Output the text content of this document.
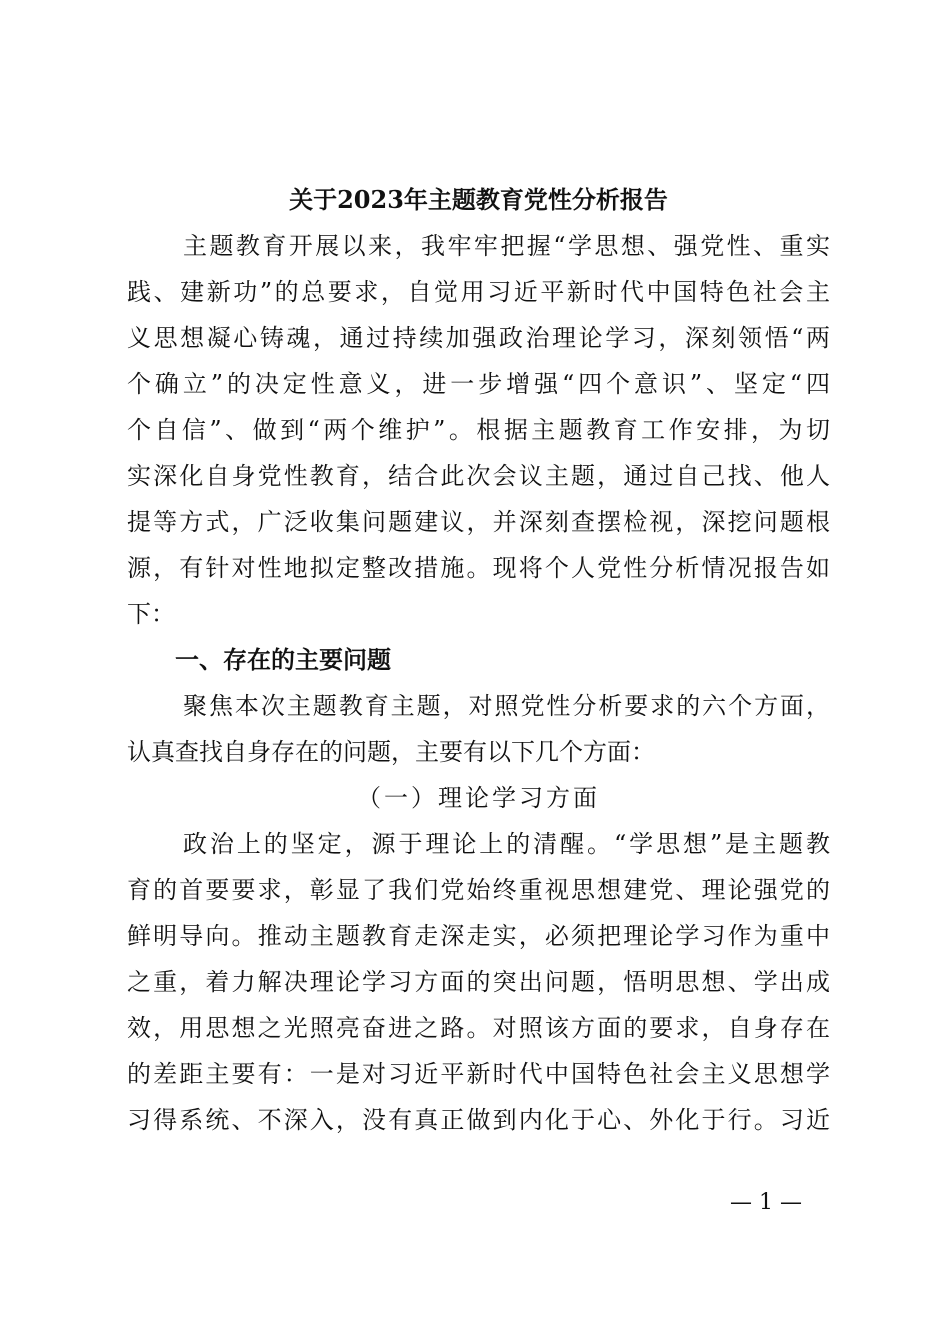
关于2023年主题教育党性分析报告
主题教育开展以来，我牢牢把握“学思想、强党性、重实
践、建新功”的总要求，自觉用习近平新时代中国特色社会主
义思想凝心铸魂，通过持续加强政治理论学习，深刻领悟“两
个确立”的决定性意义，进一步增强“四个意识”、坚定“四
个自信”、做到“两个维护”。根据主题教育工作安排，为切
实深化自身党性教育，结合此次会议主题，通过自己找、他人
提等方式，广泛收集问题建议，并深刻查摆检视，深挖问题根
源，有针对性地拟定整改措施。现将个人党性分析情况报告如
下：
一、存在的主要问题
聚焦本次主题教育主题，对照党性分析要求的六个方面，
认真查找自身存在的问题，主要有以下几个方面：
（一）理论学习方面
政治上的坚定，源于理论上的清醒。“学思想”是主题教
育的首要要求，彰显了我们党始终重视思想建党、理论强党的
鲜明导向。推动主题教育走深走实，必须把理论学习作为重中
之重，着力解决理论学习方面的突出问题，悟明思想、学出成
效，用思想之光照亮奋进之路。对照该方面的要求，自身存在
的差距主要有：一是对习近平新时代中国特色社会主义思想学
习得系统、不深入，没有真正做到内化于心、外化于行。习近
— 1 —
